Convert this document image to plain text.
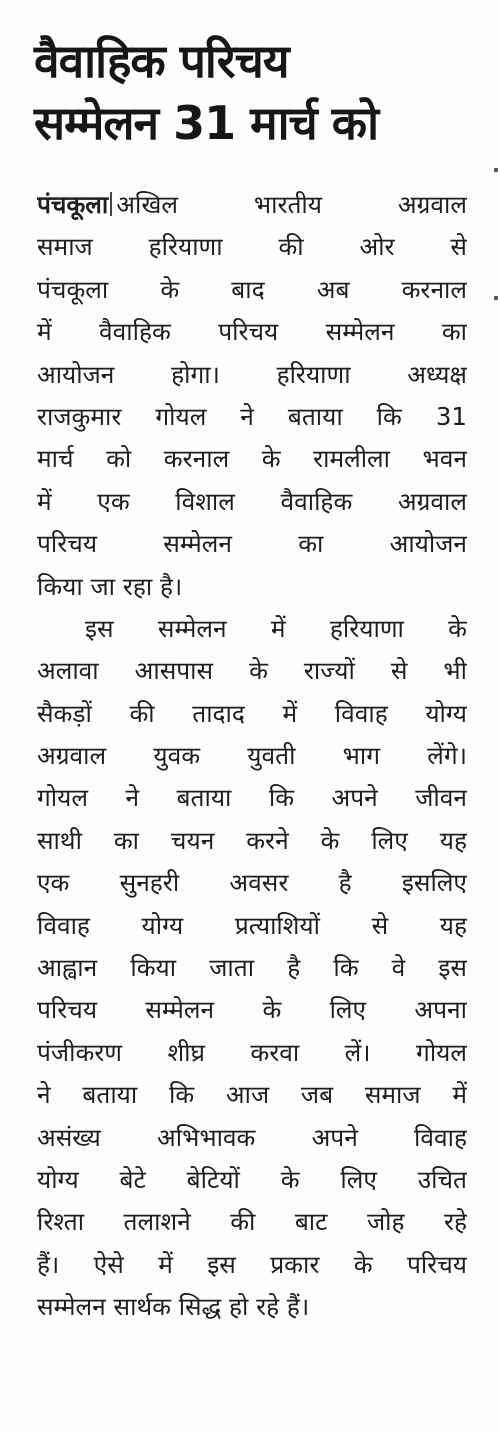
वैवाहिक परिचय
सम्मेलन 31 मार्च को
पंचकूला अखिल भारतीय अग्रवाल
समाज हरियाणा की ओर से
पंचकूला के बाद अब करनाल
में वैवाहिक परिचय सम्मेलन का
आयोजन होगा। हरियाणा अध्यक्ष
राजकुमार गोयल ने बताया कि 31
मार्च को करनाल के रामलीला भवन
में एक विशाल वैवाहिक अग्रवाल
परिचय सम्मेलन का आयोजन
किया जा रहा है।
इस सम्मेलन में हरियाणा के
अलावा आसपास के राज्यों से भी
सैकड़ों की तादाद में विवाह योग्य
अग्रवाल युवक युवती भाग लेंगे।
गोयल ने बताया कि अपने जीवन
साथी का चयन करने के लिए यह
एक सुनहरी अवसर है इसलिए
विवाह योग्य प्रत्याशियों से यह
आह्वान किया जाता है कि वे इस
परिचय सम्मेलन के लिए अपना
पंजीकरण शीघ्र करवा लें। गोयल
ने बताया कि आज जब समाज में
असंख्य अभिभावक अपने विवाह
योग्य बेटे बेटियों के लिए उचित
रिश्ता तलाशने की बाट जोह रहे
हैं। ऐसे में इस प्रकार के परिचय
सम्मेलन सार्थक सिद्ध हो रहे हैं।
